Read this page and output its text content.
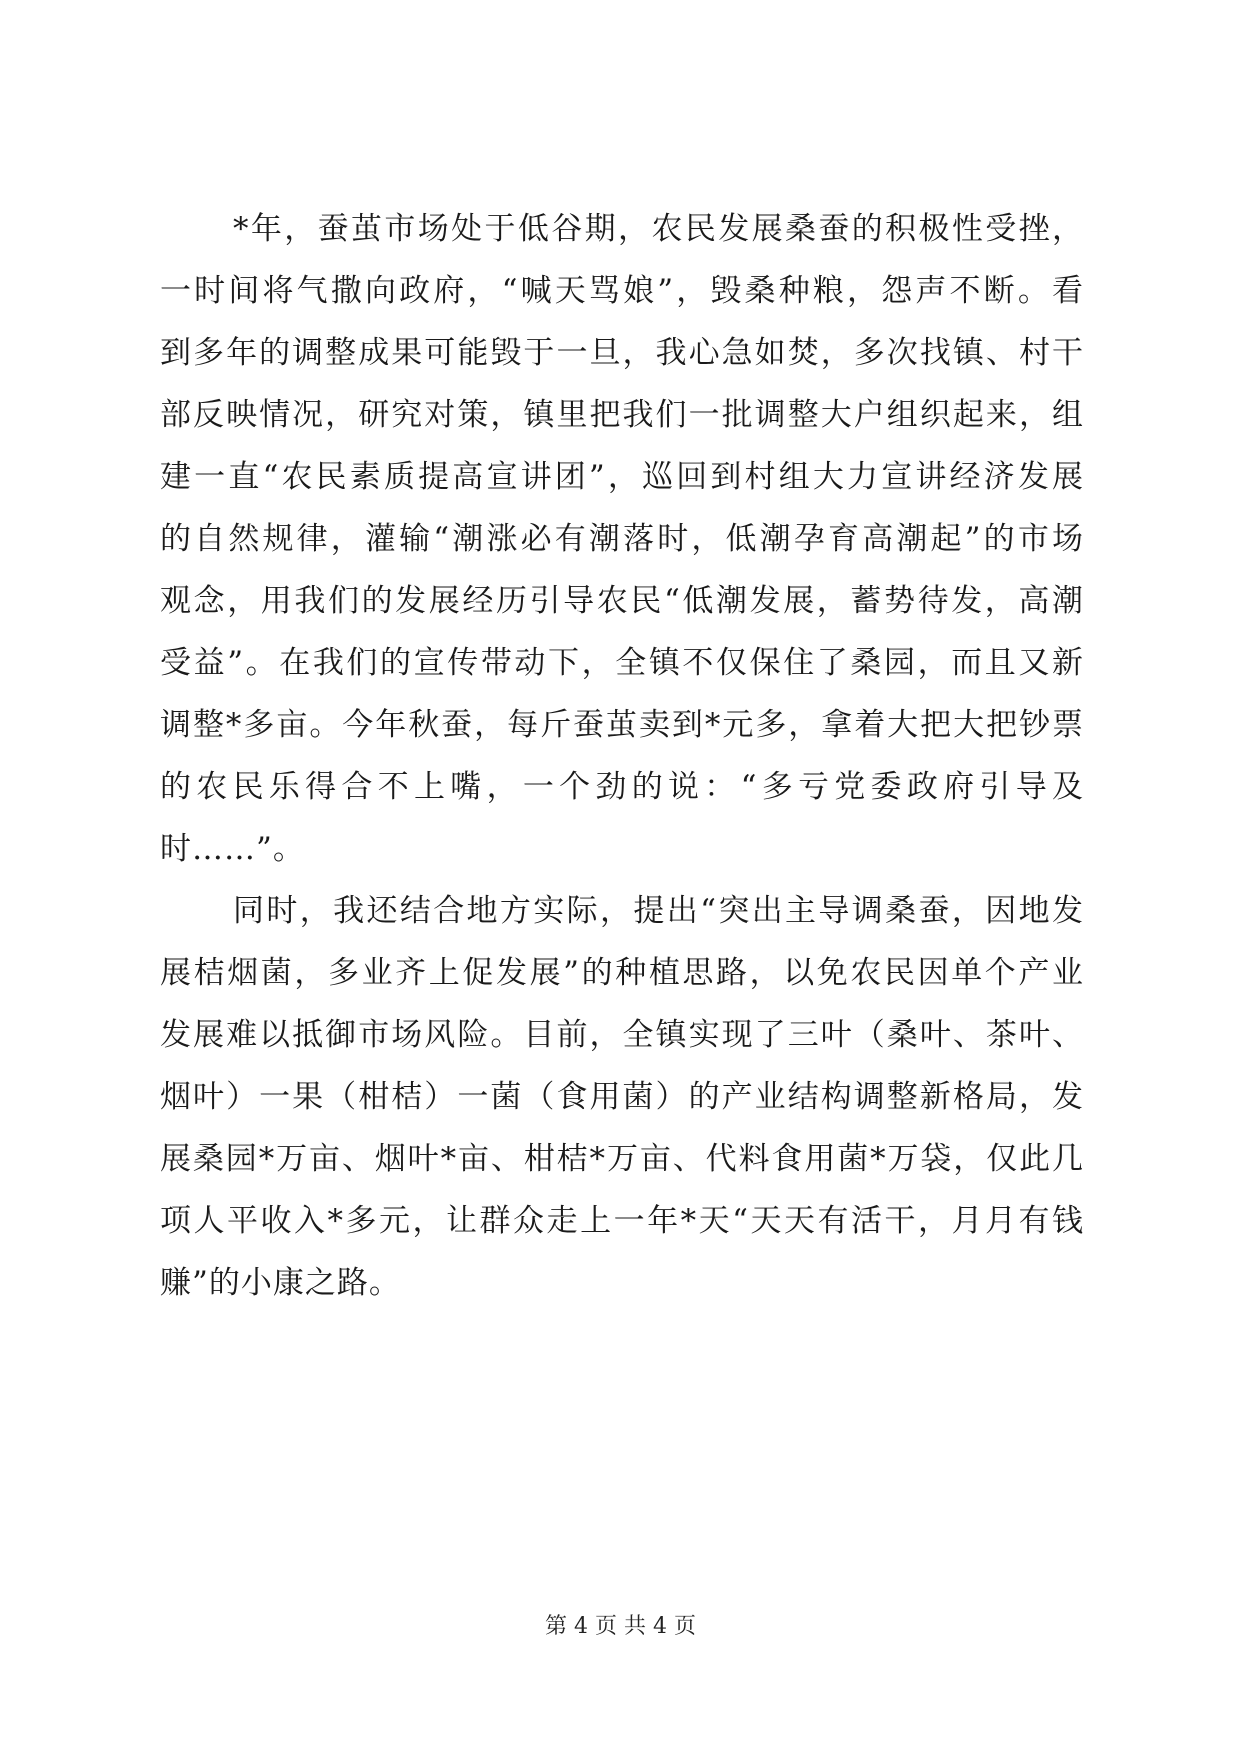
*年，蚕茧市场处于低谷期，农民发展桑蚕的积极性受挫，
一时间将气撒向政府，“喊天骂娘”，毁桑种粮，怨声不断。看
到多年的调整成果可能毁于一旦，我心急如焚，多次找镇、村干
部反映情况，研究对策，镇里把我们一批调整大户组织起来，组
建一直“农民素质提高宣讲团”，巡回到村组大力宣讲经济发展
的自然规律，灌输“潮涨必有潮落时，低潮孕育高潮起”的市场
观念，用我们的发展经历引导农民“低潮发展，蓄势待发，高潮
受益”。在我们的宣传带动下，全镇不仅保住了桑园，而且又新
调整*多亩。今年秋蚕，每斤蚕茧卖到*元多，拿着大把大把钞票
的农民乐得合不上嘴，一个劲的说：“多亏党委政府引导及
时……”。
同时，我还结合地方实际，提出“突出主导调桑蚕，因地发
展桔烟菌，多业齐上促发展”的种植思路，以免农民因单个产业
发展难以抵御市场风险。目前，全镇实现了三叶（桑叶、茶叶、
烟叶）一果（柑桔）一菌（食用菌）的产业结构调整新格局，发
展桑园*万亩、烟叶*亩、柑桔*万亩、代料食用菌*万袋，仅此几
项人平收入*多元，让群众走上一年*天“天天有活干，月月有钱
赚”的小康之路。
第 4 页 共 4 页
